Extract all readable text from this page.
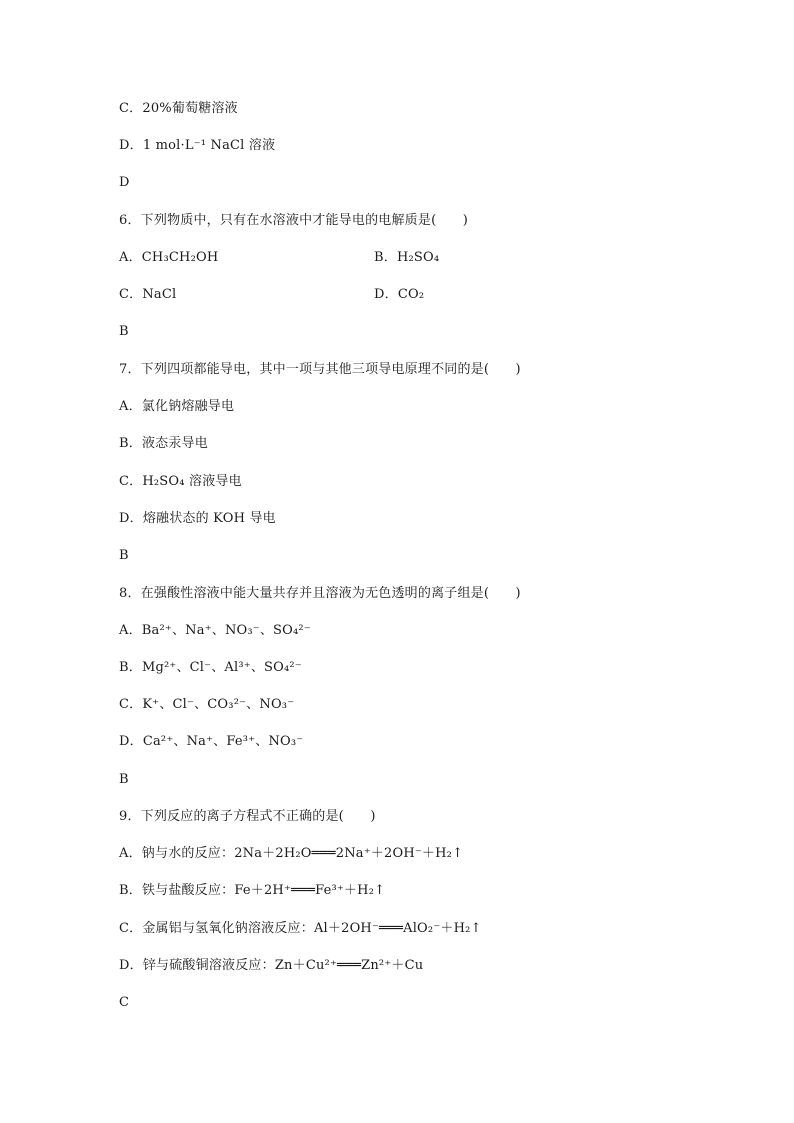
C．20%葡萄糖溶液
D．1 mol·L⁻¹ NaCl 溶液
D
6．下列物质中，只有在水溶液中才能导电的电解质是(　　)
A．CH₃CH₂OH	B．H₂SO₄
C．NaCl	D．CO₂
B
7．下列四项都能导电，其中一项与其他三项导电原理不同的是(　　)
A．氯化钠熔融导电
B．液态汞导电
C．H₂SO₄ 溶液导电
D．熔融状态的 KOH 导电
B
8．在强酸性溶液中能大量共存并且溶液为无色透明的离子组是(　　)
A．Ba²⁺、Na⁺、NO₃⁻、SO₄²⁻
B．Mg²⁺、Cl⁻、Al³⁺、SO₄²⁻
C．K⁺、Cl⁻、CO₃²⁻、NO₃⁻
D．Ca²⁺、Na⁺、Fe³⁺、NO₃⁻
B
9．下列反应的离子方程式不正确的是(　　)
A．钠与水的反应：2Na＋2H₂O═══2Na⁺＋2OH⁻＋H₂↑
B．铁与盐酸反应：Fe＋2H⁺═══Fe³⁺＋H₂↑
C．金属铝与氢氧化钠溶液反应：Al＋2OH⁻═══AlO₂⁻＋H₂↑
D．锌与硫酸铜溶液反应：Zn＋Cu²⁺═══Zn²⁺＋Cu
C
